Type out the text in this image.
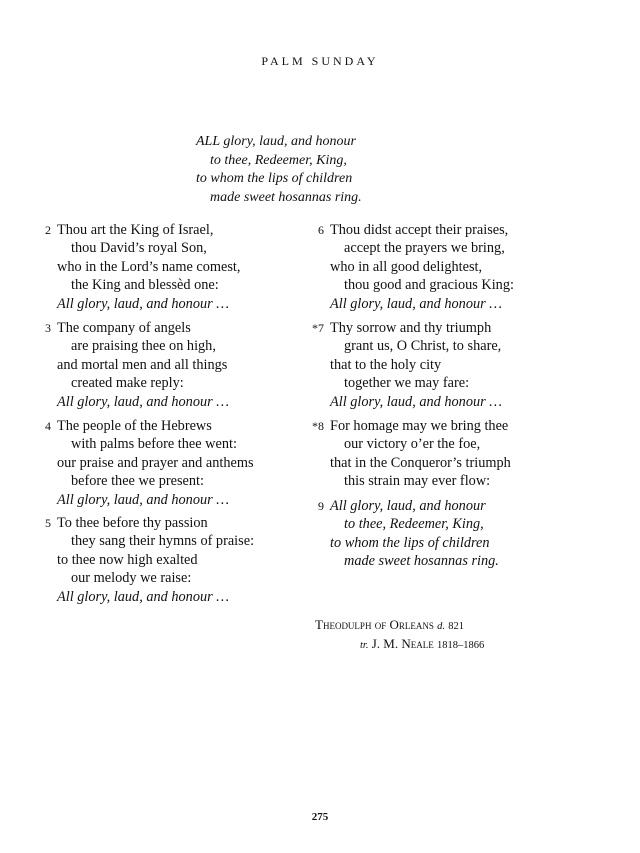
PALM SUNDAY
ALL glory, laud, and honour
to thee, Redeemer, King,
to whom the lips of children
made sweet hosannas ring.
2 Thou art the King of Israel,
thou David’s royal Son,
who in the Lord’s name comest,
the King and blessèd one:
All glory, laud, and honour …
3 The company of angels
are praising thee on high,
and mortal men and all things
created make reply:
All glory, laud, and honour …
4 The people of the Hebrews
with palms before thee went:
our praise and prayer and anthems
before thee we present:
All glory, laud, and honour …
5 To thee before thy passion
they sang their hymns of praise:
to thee now high exalted
our melody we raise:
All glory, laud, and honour …
6 Thou didst accept their praises,
accept the prayers we bring,
who in all good delightest,
thou good and gracious King:
All glory, laud, and honour …
*7 Thy sorrow and thy triumph
grant us, O Christ, to share,
that to the holy city
together we may fare:
All glory, laud, and honour …
*8 For homage may we bring thee
our victory o’er the foe,
that in the Conqueror’s triumph
this strain may ever flow:
9 All glory, laud, and honour
to thee, Redeemer, King,
to whom the lips of children
made sweet hosannas ring.
Theodulph of Orleans d. 821
tr. J. M. Neale 1818–1866
275
